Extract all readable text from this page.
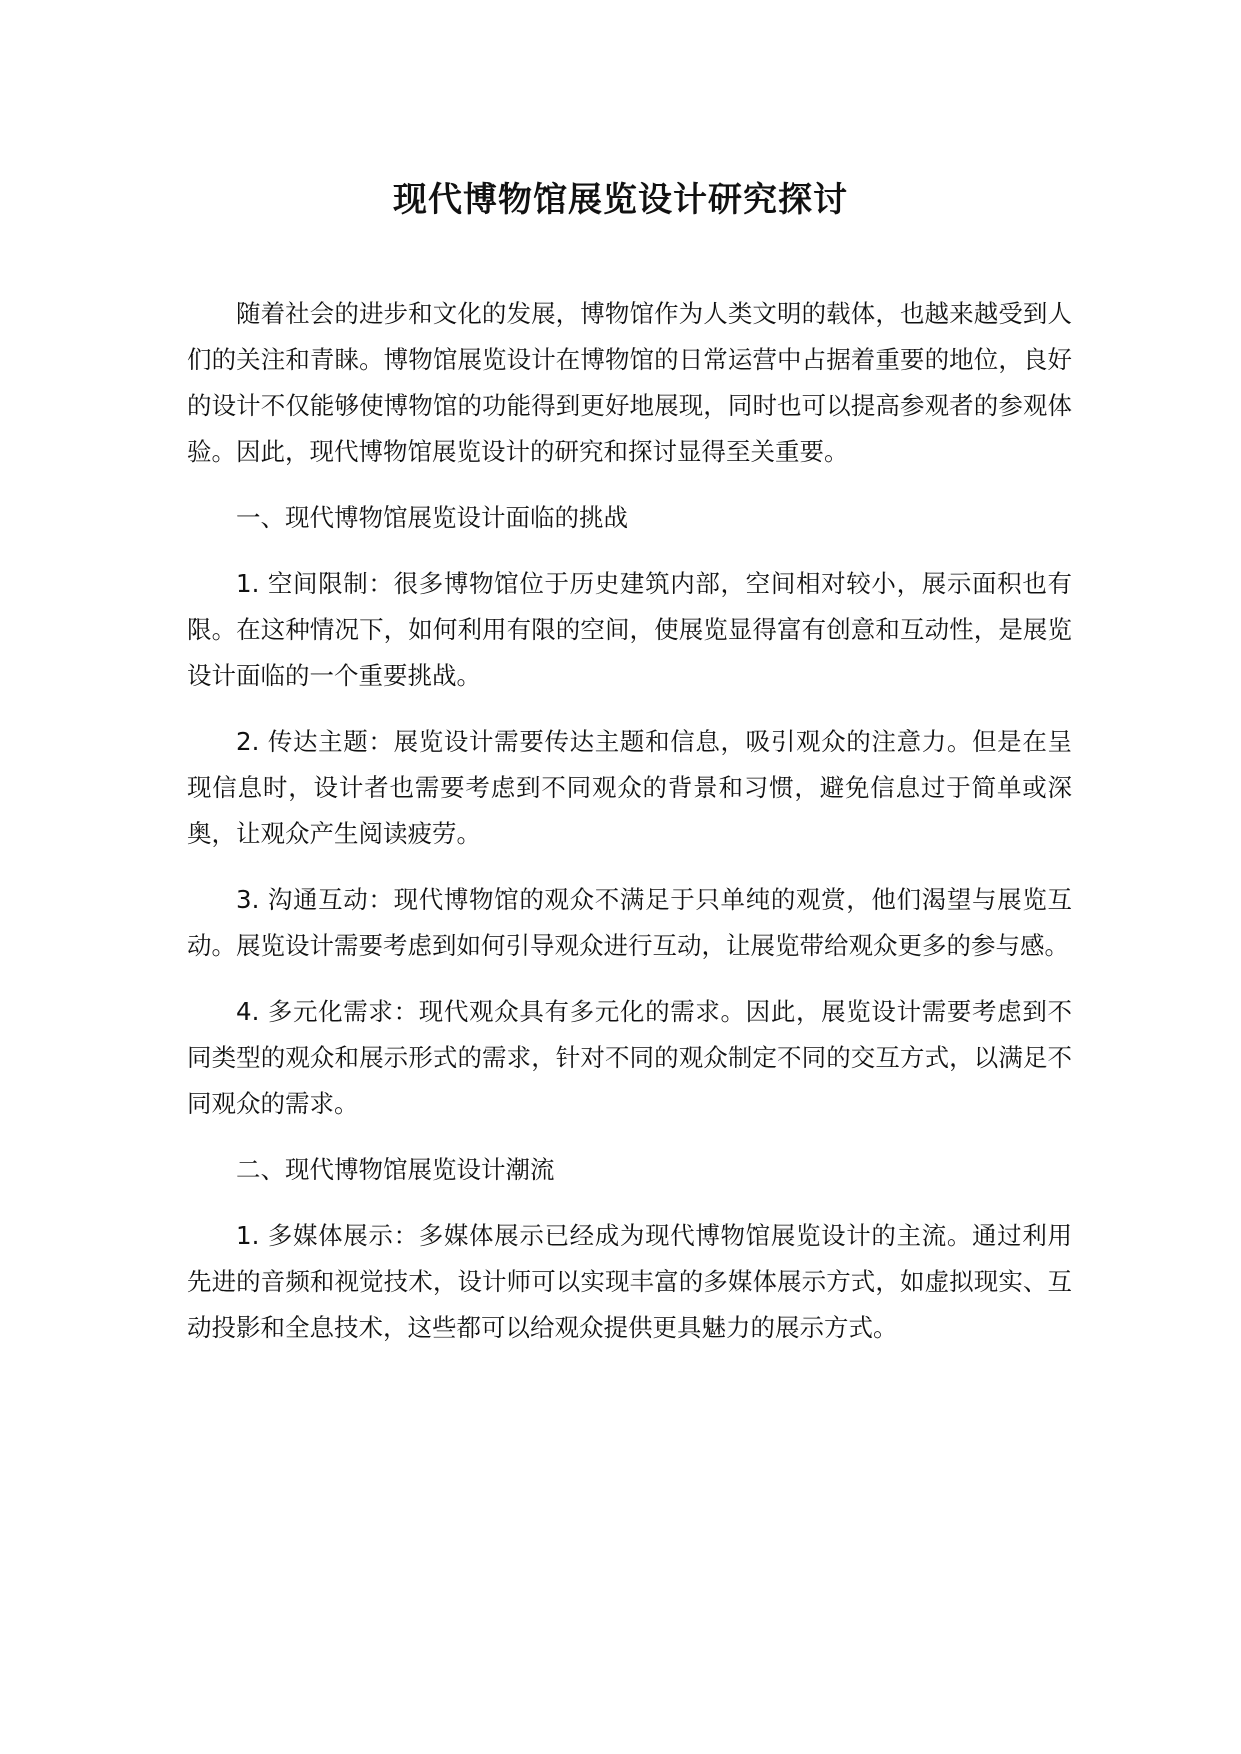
现代博物馆展览设计研究探讨

随着社会的进步和文化的发展，博物馆作为人类文明的载体，也越来越受到人们的关注和青睐。博物馆展览设计在博物馆的日常运营中占据着重要的地位，良好的设计不仅能够使博物馆的功能得到更好地展现，同时也可以提高参观者的参观体验。因此，现代博物馆展览设计的研究和探讨显得至关重要。

一、现代博物馆展览设计面临的挑战

1. 空间限制：很多博物馆位于历史建筑内部，空间相对较小，展示面积也有限。在这种情况下，如何利用有限的空间，使展览显得富有创意和互动性，是展览设计面临的一个重要挑战。

2. 传达主题：展览设计需要传达主题和信息，吸引观众的注意力。但是在呈现信息时，设计者也需要考虑到不同观众的背景和习惯，避免信息过于简单或深奥，让观众产生阅读疲劳。

3. 沟通互动：现代博物馆的观众不满足于只单纯的观赏，他们渴望与展览互动。展览设计需要考虑到如何引导观众进行互动，让展览带给观众更多的参与感。

4. 多元化需求：现代观众具有多元化的需求。因此，展览设计需要考虑到不同类型的观众和展示形式的需求，针对不同的观众制定不同的交互方式，以满足不同观众的需求。

二、现代博物馆展览设计潮流

1. 多媒体展示：多媒体展示已经成为现代博物馆展览设计的主流。通过利用先进的音频和视觉技术，设计师可以实现丰富的多媒体展示方式，如虚拟现实、互动投影和全息技术，这些都可以给观众提供更具魅力的展示方式。
